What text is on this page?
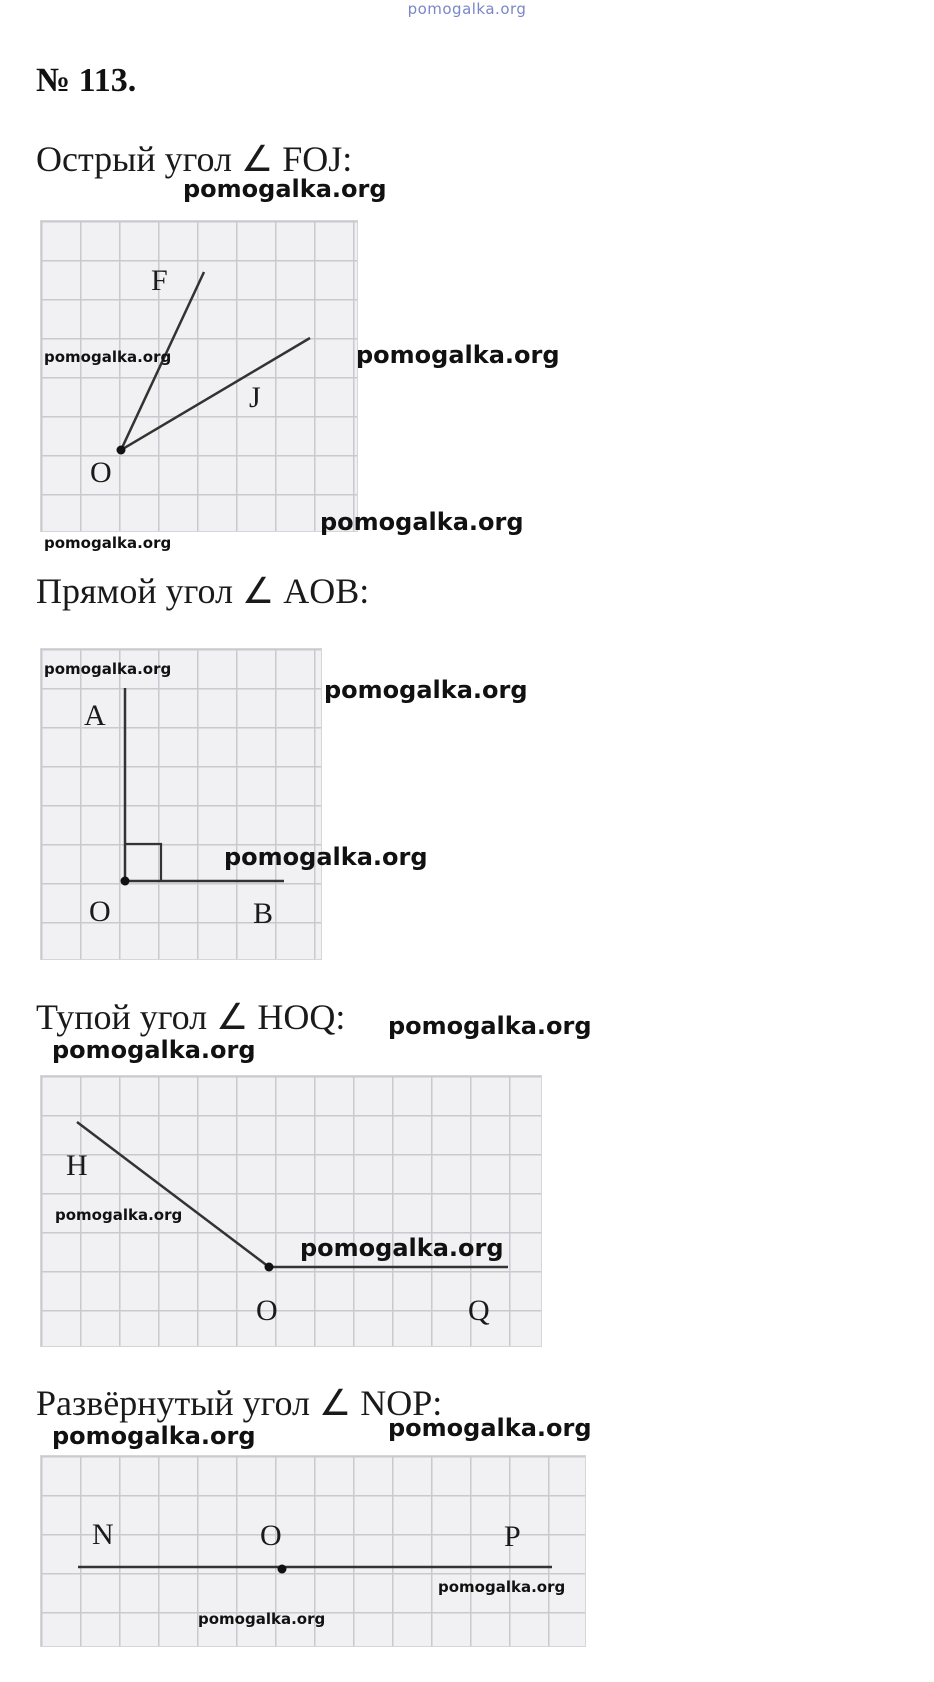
pomogalka.org
№ 113.
Острый угол ∠ FOJ:
pomogalka.org
F
J
O
pomogalka.org	pomogalka.org
pomogalka.org
pomogalka.org
Прямой угол ∠ AOB:
A
B
O
pomogalka.org
pomogalka.org
pomogalka.org
Тупой угол ∠ HOQ: pomogalka.org
pomogalka.org
H
Q
O
pomogalka.org
pomogalka.org
Развёрнутый угол ∠ NOP:
pomogalka.org
pomogalka.org
N	P
O
pomogalka.org
pomogalka.org
